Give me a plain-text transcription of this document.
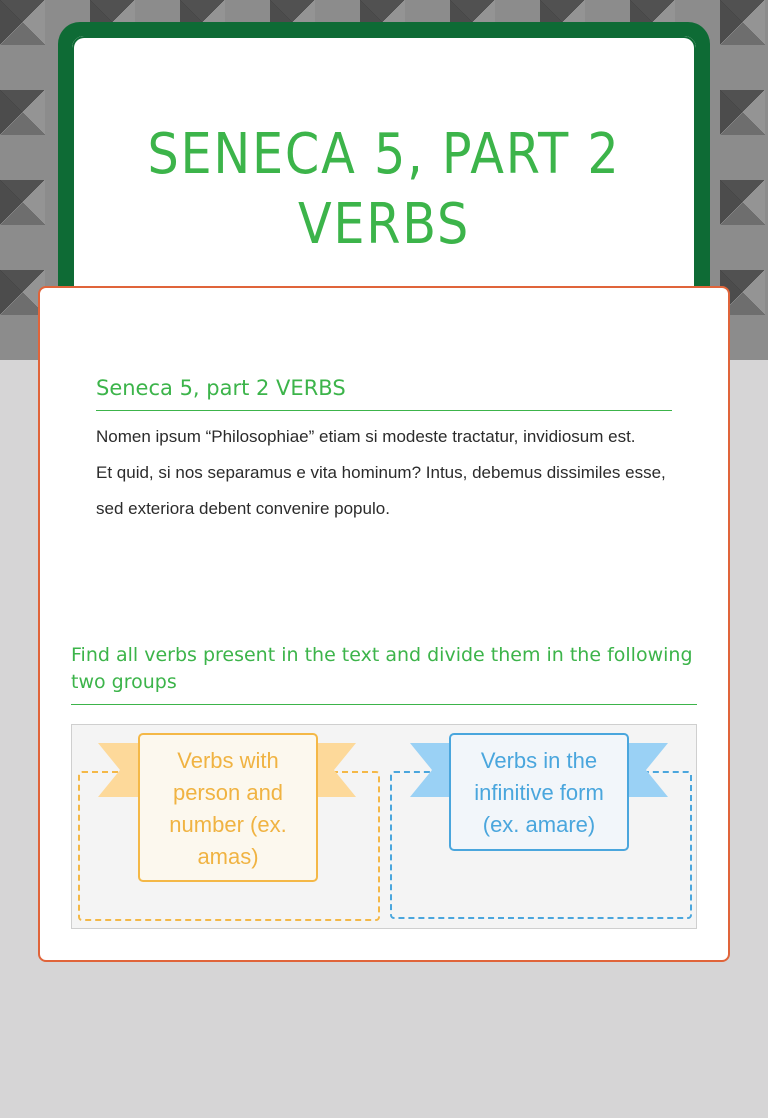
SENECA 5, PART 2
VERBS
Seneca 5, part 2 VERBS

Nomen ipsum “Philosophiae” etiam si modeste tractatur, invidiosum est.

Et quid, si nos separamus e vita hominum? Intus, debemus dissimiles esse,

sed exteriora debent convenire populo.

Find all verbs present in the text and divide them in the following two groups
Verbs with person and number (ex. amas)
Verbs in the infinitive form (ex. amare)
